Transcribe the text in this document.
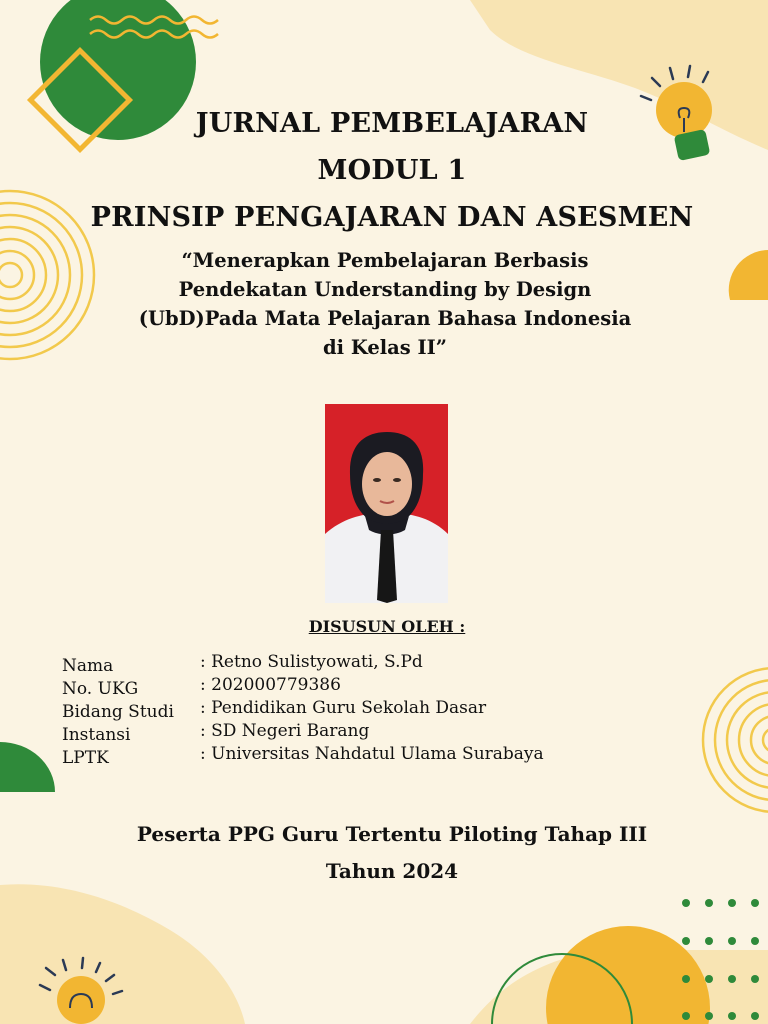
JURNAL PEMBELAJARAN
MODUL 1
PRINSIP PENGAJARAN DAN ASESMEN
“Menerapkan Pembelajaran Berbasis
Pendekatan Understanding by Design
(UbD)Pada Mata Pelajaran Bahasa Indonesia
di Kelas II”
DISUSUN OLEH :
Nama	: Retno Sulistyowati, S.Pd
No. UKG	: 202000779386
Bidang Studi : Pendidikan Guru Sekolah Dasar
Instansi	: SD Negeri Barang
LPTK	: Universitas Nahdatul Ulama Surabaya
Peserta PPG Guru Tertentu Piloting Tahap III
Tahun 2024
